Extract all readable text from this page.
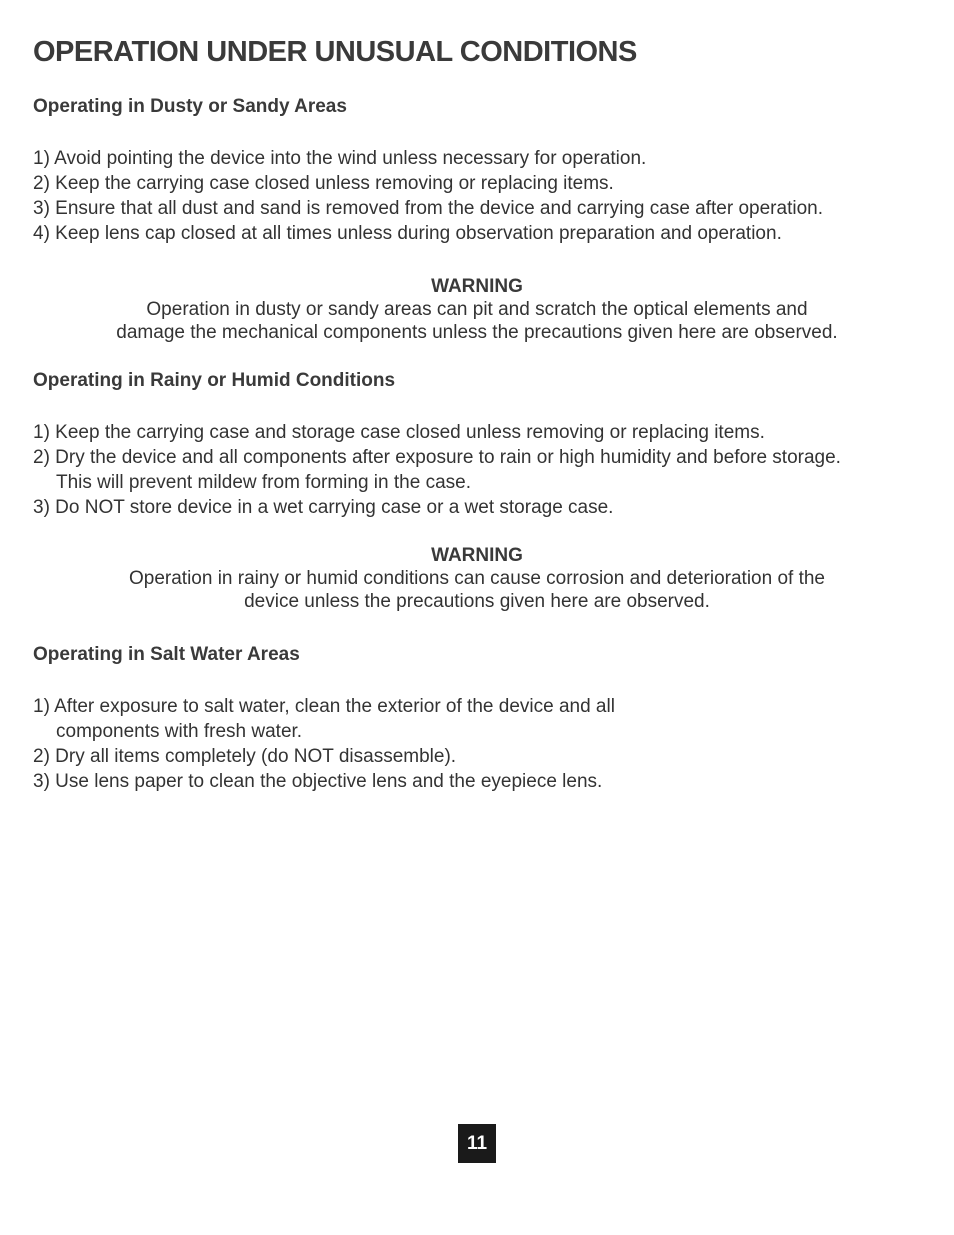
OPERATION UNDER UNUSUAL CONDITIONS
Operating in Dusty or Sandy Areas
1) Avoid pointing the device into the wind unless necessary for operation.
2) Keep the carrying case closed unless removing or replacing items.
3) Ensure that all dust and sand is removed from the device and carrying case after operation.
4) Keep lens cap closed at all times unless during observation preparation and operation.
WARNING
Operation in dusty or sandy areas can pit and scratch the optical elements and
damage the mechanical components unless the precautions given here are observed.
Operating in Rainy or Humid Conditions
1) Keep the carrying case and storage case closed unless removing or replacing items.
2) Dry the device and all components after exposure to rain or high humidity and before storage.
This will prevent mildew from forming in the case.
3) Do NOT store device in a wet carrying case or a wet storage case.
WARNING
Operation in rainy or humid conditions can cause corrosion and deterioration of the
device unless the precautions given here are observed.
Operating in Salt Water Areas
1) After exposure to salt water, clean the exterior of the device and all
components with fresh water.
2) Dry all items completely (do NOT disassemble).
3) Use lens paper to clean the objective lens and the eyepiece lens.
11
